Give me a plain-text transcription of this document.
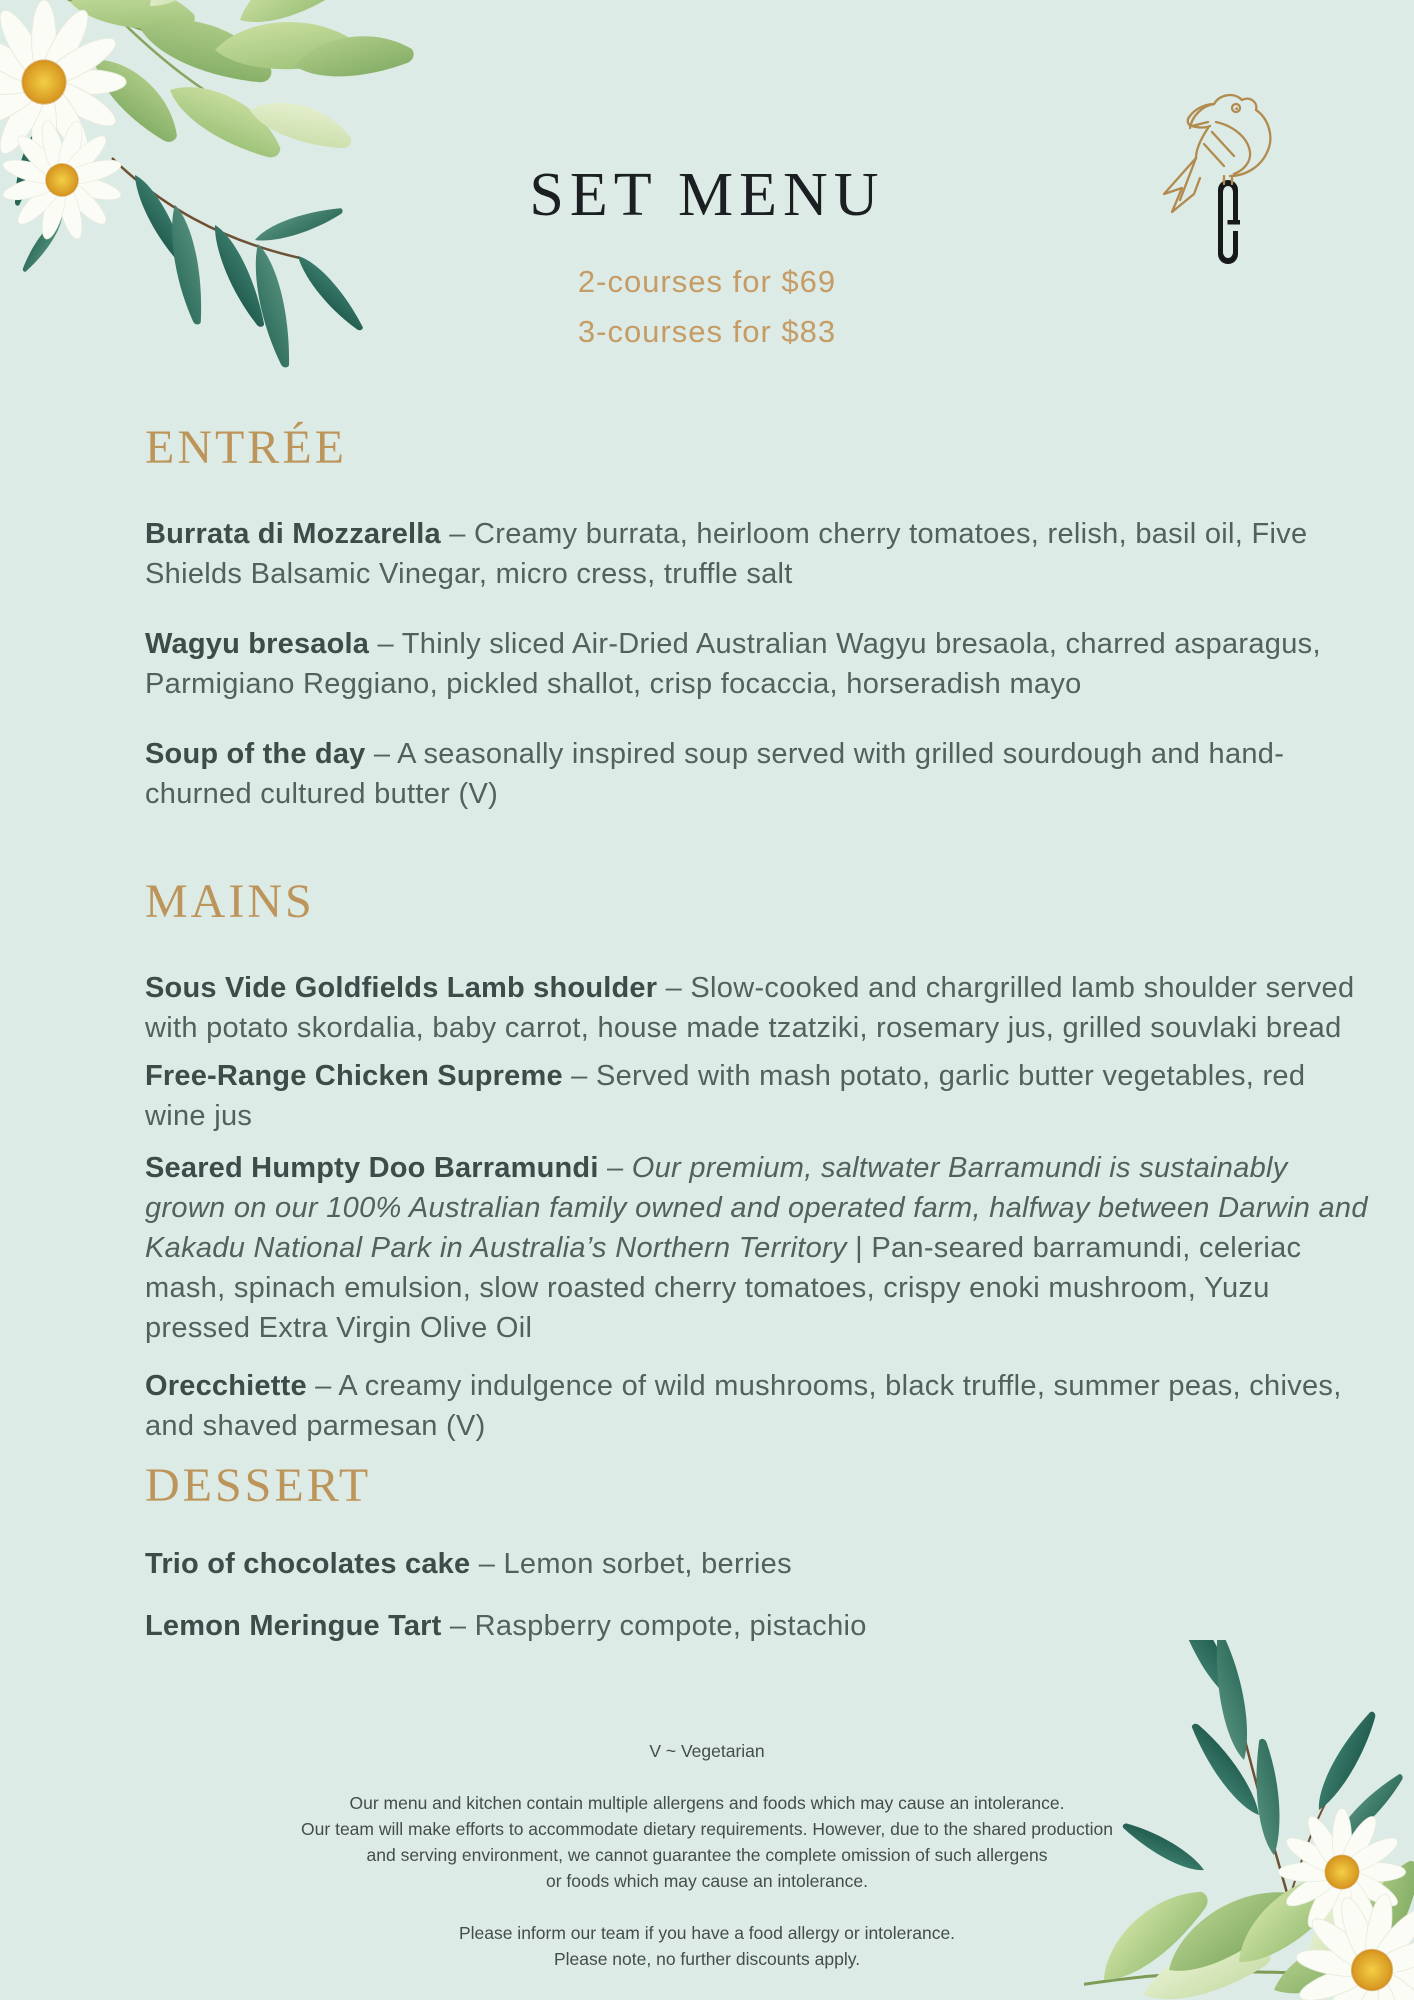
SET MENU
2-courses for $69
3-courses for $83
ENTRÉE

Burrata di Mozzarella – Creamy burrata, heirloom cherry tomatoes, relish, basil oil, Five Shields Balsamic Vinegar, micro cress, truffle salt

Wagyu bresaola – Thinly sliced Air-Dried Australian Wagyu bresaola, charred asparagus, Parmigiano Reggiano, pickled shallot, crisp focaccia, horseradish mayo

Soup of the day – A seasonally inspired soup served with grilled sourdough and hand-churned cultured butter (V)

MAINS

Sous Vide Goldfields Lamb shoulder – Slow-cooked and chargrilled lamb shoulder served with potato skordalia, baby carrot, house made tzatziki, rosemary jus, grilled souvlaki bread

Free-Range Chicken Supreme – Served with mash potato, garlic butter vegetables, red wine jus

Seared Humpty Doo Barramundi – Our premium, saltwater Barramundi is sustainably grown on our 100% Australian family owned and operated farm, halfway between Darwin and Kakadu National Park in Australia’s Northern Territory | Pan-seared barramundi, celeriac mash, spinach emulsion, slow roasted cherry tomatoes, crispy enoki mushroom, Yuzu pressed Extra Virgin Olive Oil

Orecchiette – A creamy indulgence of wild mushrooms, black truffle, summer peas, chives, and shaved parmesan (V)

DESSERT

Trio of chocolates cake – Lemon sorbet, berries

Lemon Meringue Tart – Raspberry compote, pistachio

V ~ Vegetarian

Our menu and kitchen contain multiple allergens and foods which may cause an intolerance.
Our team will make efforts to accommodate dietary requirements. However, due to the shared production
and serving environment, we cannot guarantee the complete omission of such allergens
or foods which may cause an intolerance.

Please inform our team if you have a food allergy or intolerance.
Please note, no further discounts apply.
